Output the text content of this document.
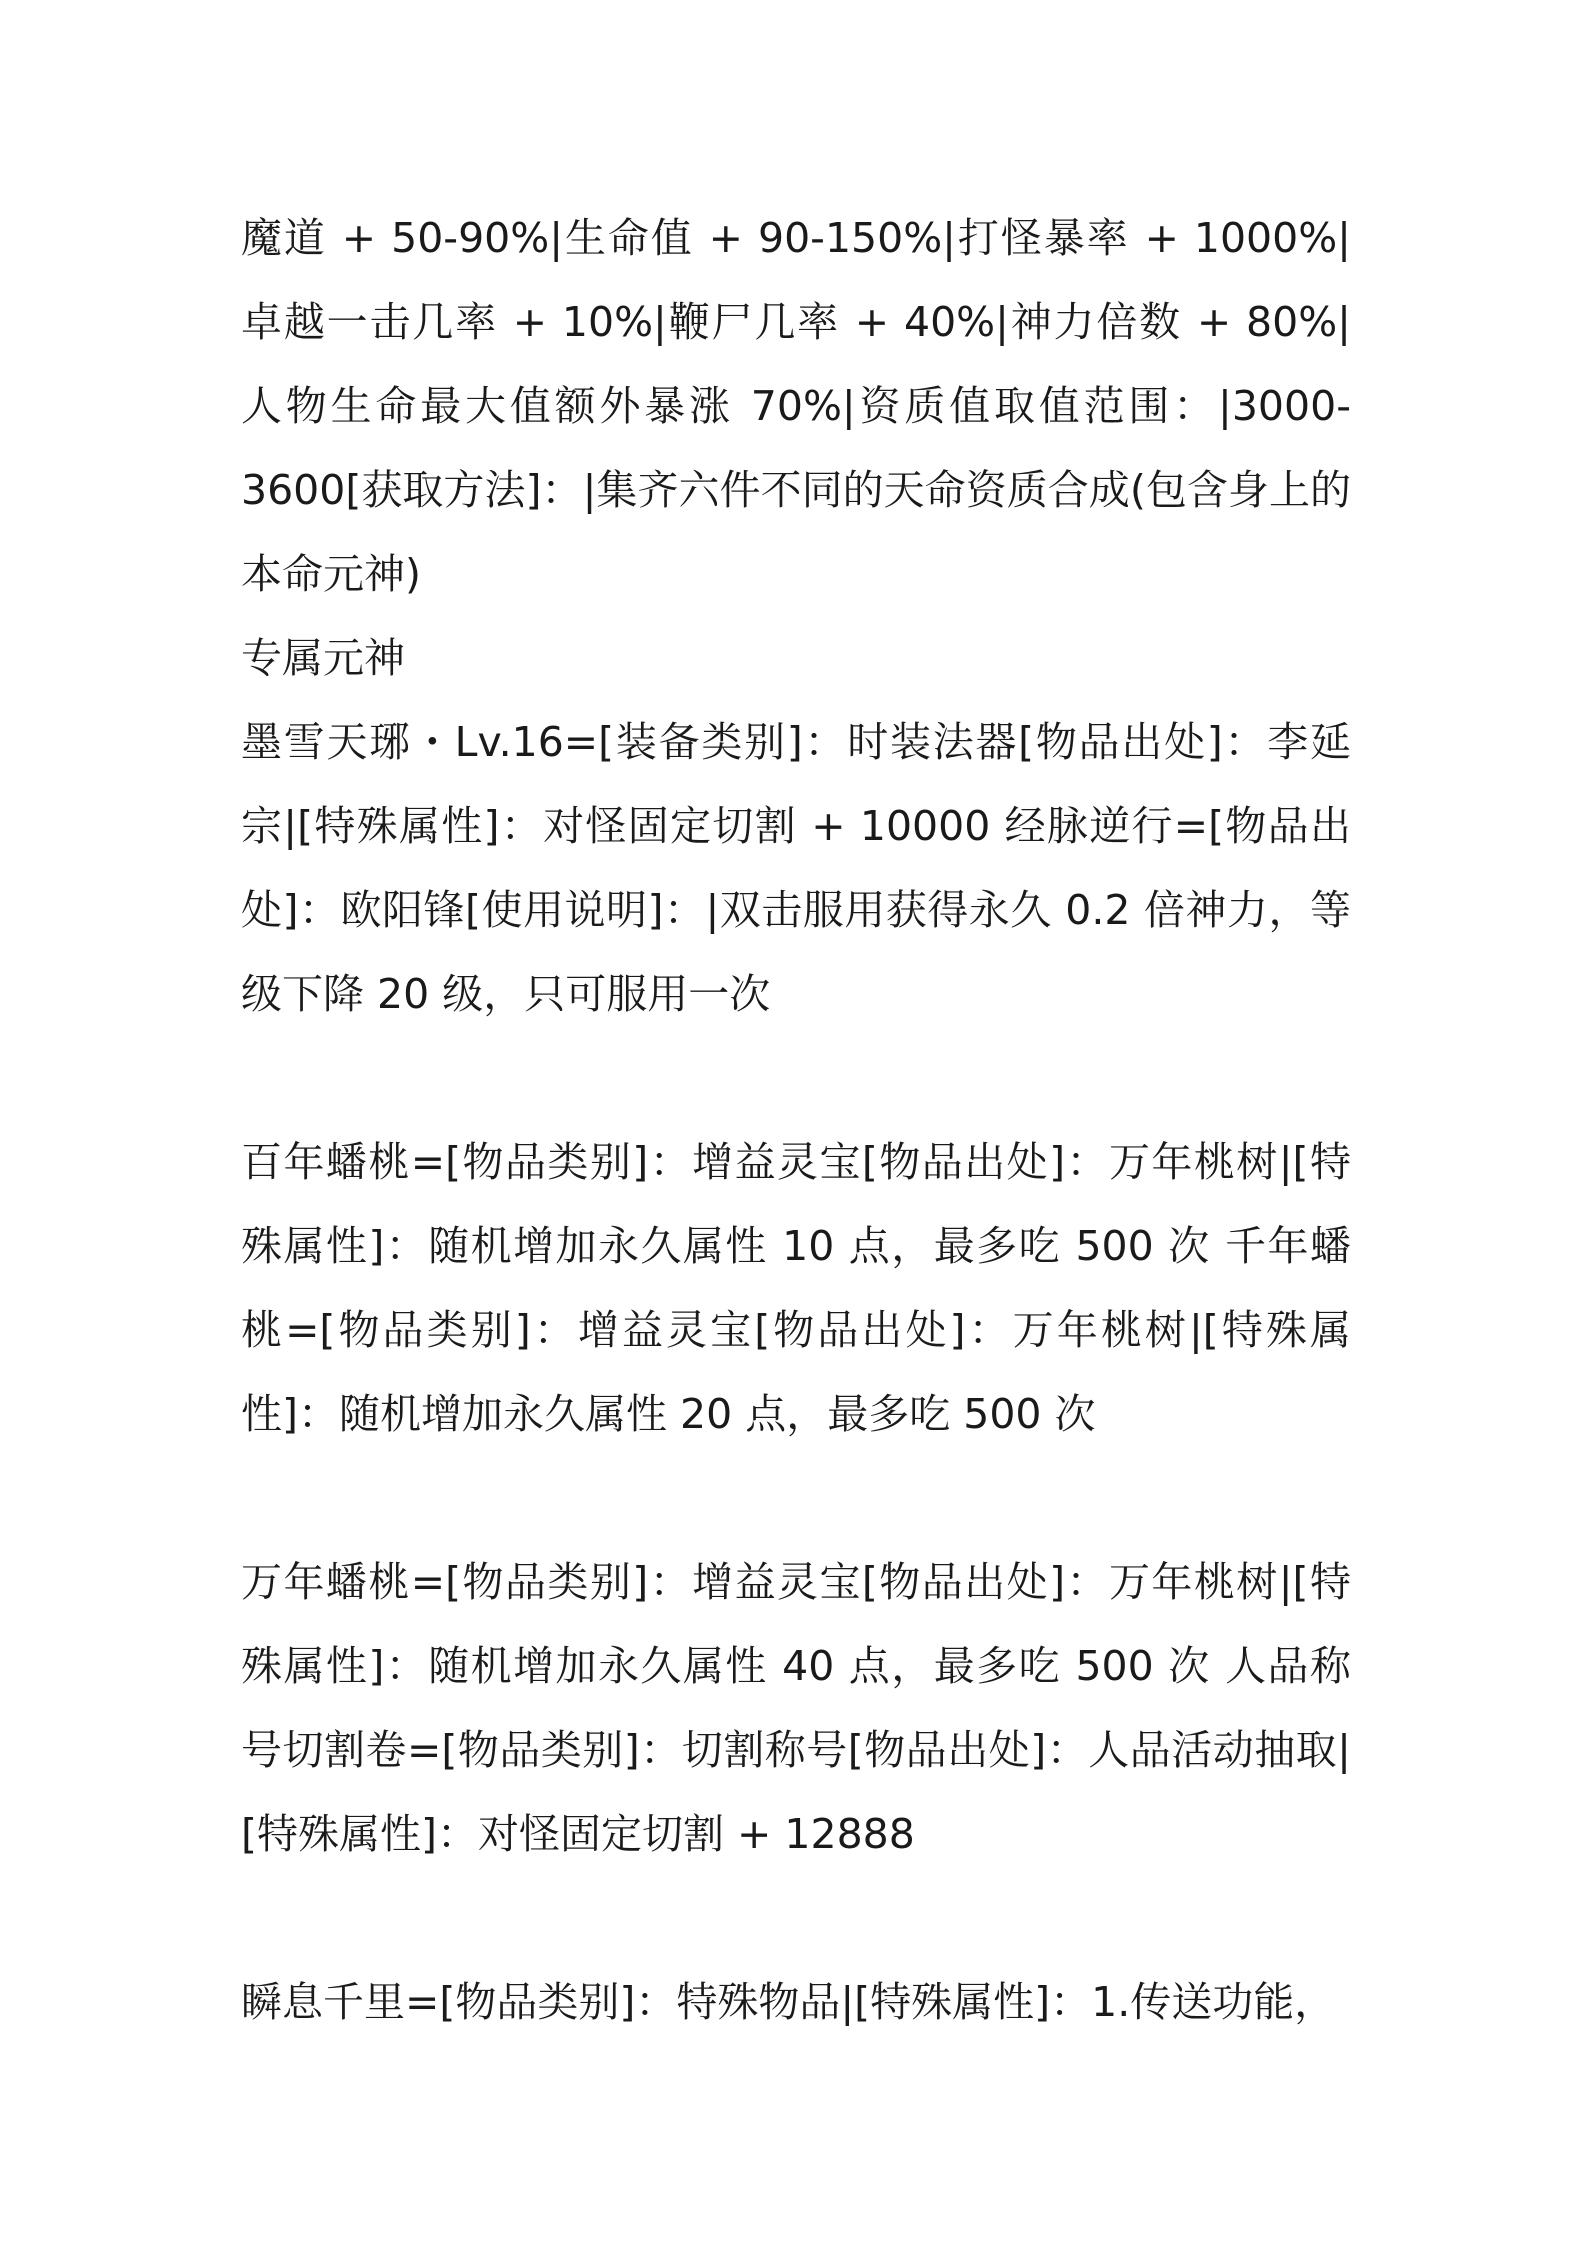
魔道 + 50-90%|生命值 + 90-150%|打怪暴率 + 1000%|卓越一击几率 + 10%|鞭尸几率 + 40%|神力倍数 + 80%|人物生命最大值额外暴涨 70%|资质值取值范围：|3000-3600[获取方法]：|集齐六件不同的天命资质合成(包含身上的本命元神)

专属元神

墨雪天琊・Lv.16=[装备类别]：时装法器[物品出处]：李延宗|[特殊属性]：对怪固定切割 + 10000 经脉逆行=[物品出处]：欧阳锋[使用说明]：|双击服用获得永久 0.2 倍神力，等级下降 20 级，只可服用一次

百年蟠桃=[物品类别]：增益灵宝[物品出处]：万年桃树|[特殊属性]：随机增加永久属性 10 点，最多吃 500 次 千年蟠桃=[物品类别]：增益灵宝[物品出处]：万年桃树|[特殊属性]：随机增加永久属性 20 点，最多吃 500 次

万年蟠桃=[物品类别]：增益灵宝[物品出处]：万年桃树|[特殊属性]：随机增加永久属性 40 点，最多吃 500 次 人品称号切割卷=[物品类别]：切割称号[物品出处]：人品活动抽取|[特殊属性]：对怪固定切割 + 12888

瞬息千里=[物品类别]：特殊物品|[特殊属性]：1.传送功能，
